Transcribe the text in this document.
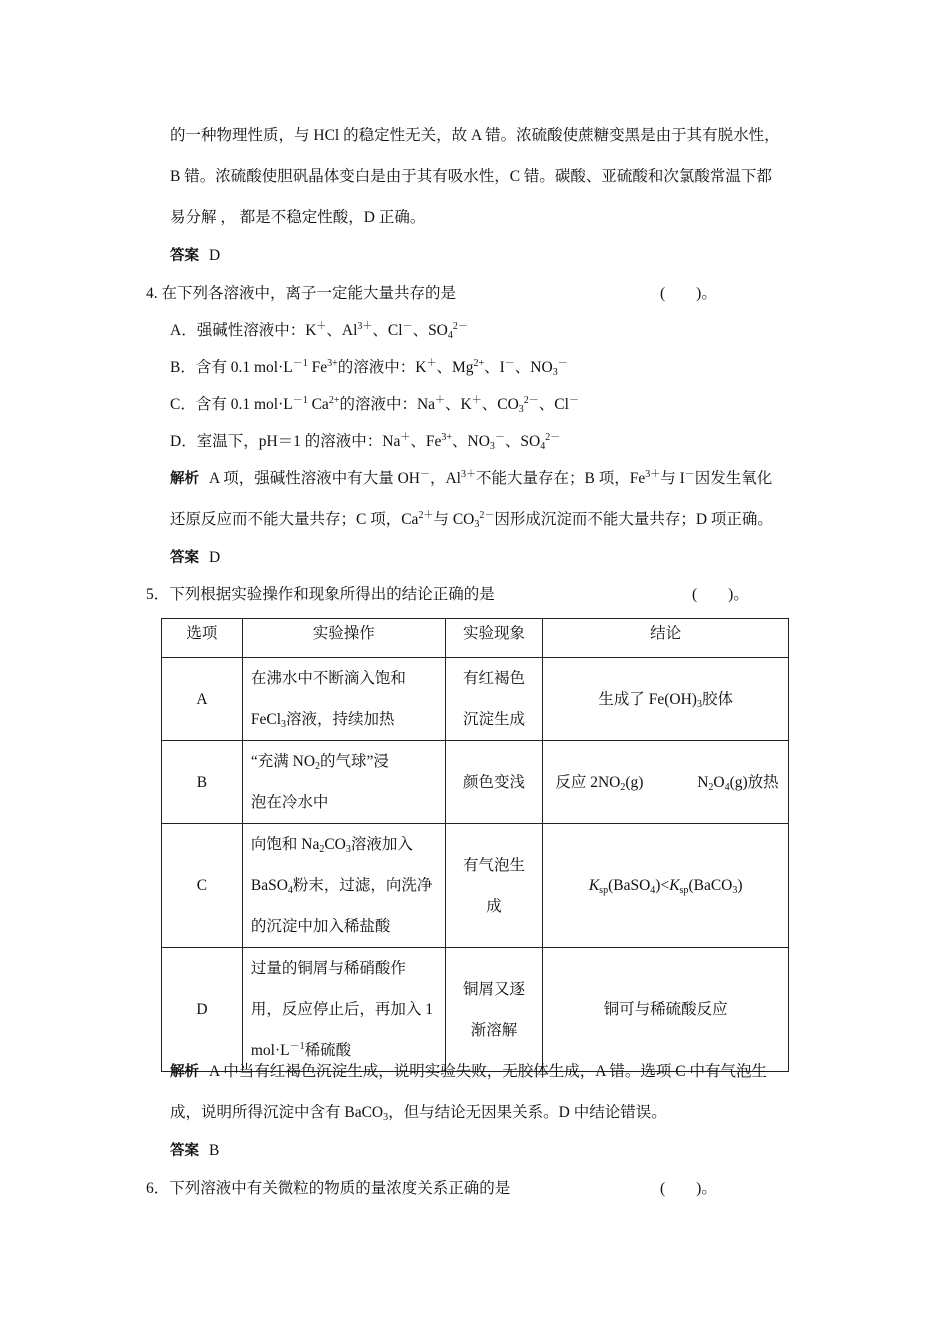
的一种物理性质，与 HCl 的稳定性无关，故 A 错。浓硫酸使蔗糖变黑是由于其有脱水性，
B 错。浓硫酸使胆矾晶体变白是由于其有吸水性，C 错。碳酸、亚硫酸和次氯酸常温下都
易分解 ， 都是不稳定性酸，D 正确。
答案 D
4. 在下列各溶液中，离子一定能大量共存的是	(　　)。
A．强碱性溶液中：K＋、$Al^{3+}$、Cl－、$SO_4^{2-}$
B．含有 0.1 $mol\cdot L^{-1}$ $Fe^{3+}$的溶液中：K＋、$Mg^{2+}$、I－、$NO_3^-$
C．含有 0.1 $mol\cdot L^{-1}$ $Ca^{2+}$的溶液中：Na＋、K＋、$CO_3^{2-}$、Cl－
D．室温下，pH＝1 的溶液中：Na＋、$Fe^{3+}$、$NO_3^-$、$SO_4^{2-}$
解析 A 项，强碱性溶液中有大量 OH－，$Al^{3+}$不能大量存在；B 项，$Fe^{3+}$与 I－因发生氧化
还原反应而不能大量共存；C 项，$Ca^{2+}$与 $CO_3^{2-}$因形成沉淀而不能大量共存；D 项正确。
答案 D
5．下列根据实验操作和现象所得出的结论正确的是	(　　)。
选项	实验操作	实验现象	结论
A	在沸水中不断滴入饱和
FeCl$_3$溶液，持续加热	有红褐色
沉淀生成	生成了 $Fe(OH)_3$胶体
B	“充满 $NO_2$的气球”浸
泡在冷水中	颜色变浅	反应 $2NO_2(g)$ $N_2O_4(g)$放热
C	向饱和 $Na_2CO_3$溶液加入
BaSO$_4$粉末，过滤，向洗净
的沉淀中加入稀盐酸	有气泡生
成	$K_{sp}(BaSO_4)<K_{sp}(BaCO_3)$
D	过量的铜屑与稀硝酸作
用，反应停止后，再加入 1
$mol\cdot L^{-1}$稀硫酸	铜屑又逐
渐溶解	铜可与稀硫酸反应
解析 A 中当有红褐色沉淀生成，说明实验失败，无胶体生成，A 错。选项 C 中有气泡生
成，说明所得沉淀中含有 BaCO$_3$，但与结论无因果关系。D 中结论错误。
答案 B
6．下列溶液中有关微粒的物质的量浓度关系正确的是	(　　)。
